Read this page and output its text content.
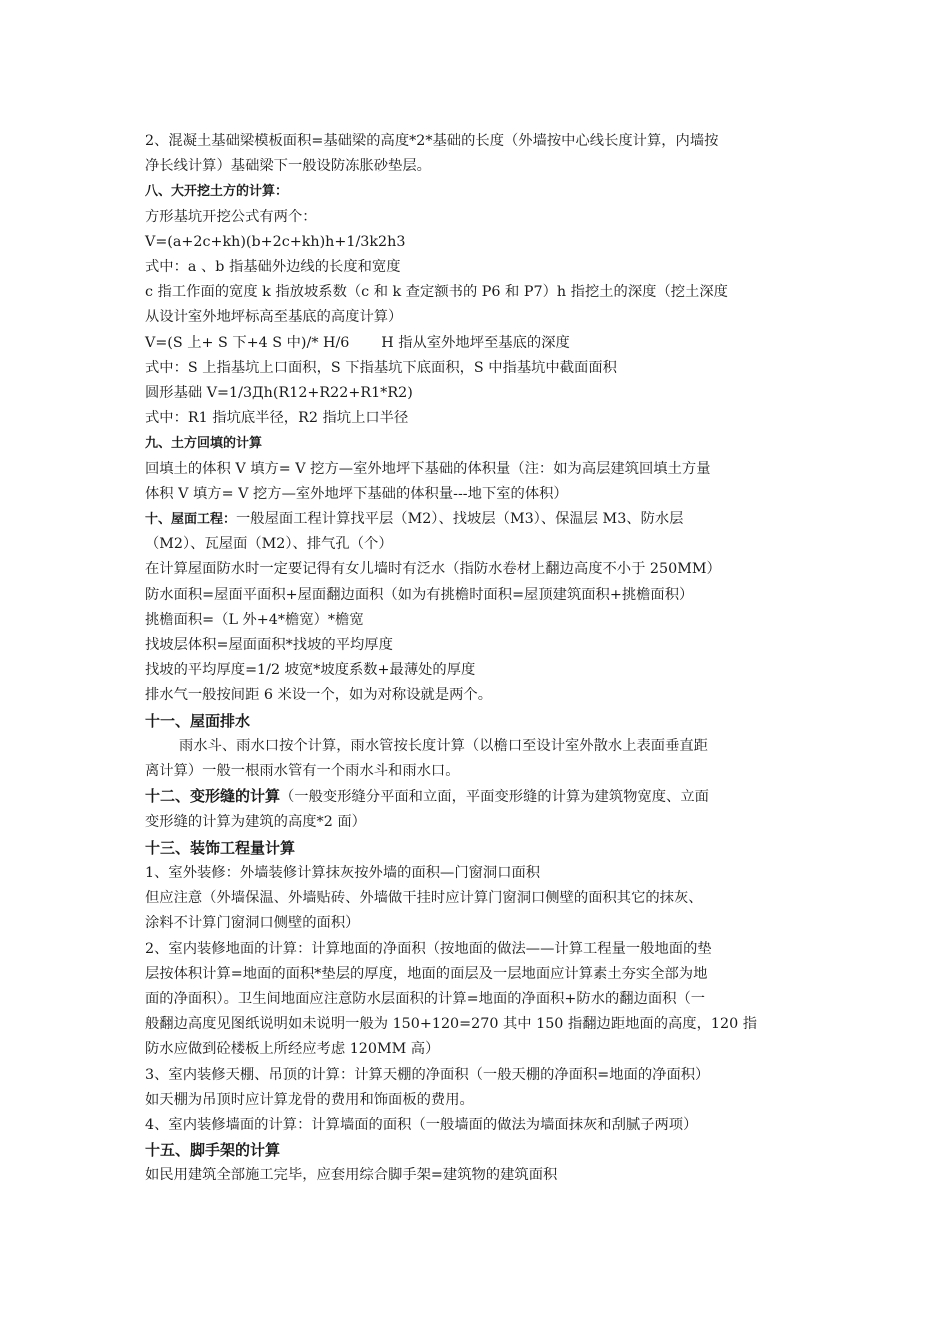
2、混凝土基础梁模板面积=基础梁的高度*2*基础的长度（外墙按中心线长度计算，内墙按

净长线计算）基础梁下一般设防冻胀砂垫层。

八、大开挖土方的计算：

方形基坑开挖公式有两个：

V=(a+2c+kh)(b+2c+kh)h+1/3k2h3

式中：a 、b 指基础外边线的长度和宽度

c 指工作面的宽度 k 指放坡系数（c 和 k 查定额书的 P6 和 P7）h 指挖土的深度（挖土深度

从设计室外地坪标高至基底的高度计算）

V=(S 上+ S 下+4 S 中)/* H/6       H 指从室外地坪至基底的深度

式中：S 上指基坑上口面积，S 下指基坑下底面积，S 中指基坑中截面面积

圆形基础 V=1/3Дh(R12+R22+R1*R2)

式中：R1 指坑底半径，R2 指坑上口半径

九、土方回填的计算

回填土的体积 V 填方= V 挖方—室外地坪下基础的体积量（注：如为高层建筑回填土方量

体积 V 填方= V 挖方—室外地坪下基础的体积量---地下室的体积）

十、屋面工程：一般屋面工程计算找平层（M2）、找坡层（M3）、保温层 M3、防水层

（M2）、瓦屋面（M2）、排气孔（个）

在计算屋面防水时一定要记得有女儿墙时有泛水（指防水卷材上翻边高度不小于 250MM）

防水面积=屋面平面积+屋面翻边面积（如为有挑檐时面积=屋顶建筑面积+挑檐面积）

挑檐面积=（L 外+4*檐宽）*檐宽

找坡层体积=屋面面积*找坡的平均厚度

找坡的平均厚度=1/2 坡宽*坡度系数+最薄处的厚度

排水气一般按间距 6 米设一个，如为对称设就是两个。

十一、屋面排水

雨水斗、雨水口按个计算，雨水管按长度计算（以檐口至设计室外散水上表面垂直距

离计算）一般一根雨水管有一个雨水斗和雨水口。

十二、变形缝的计算（一般变形缝分平面和立面，平面变形缝的计算为建筑物宽度、立面

变形缝的计算为建筑的高度*2 面）

十三、装饰工程量计算

1、室外装修：外墙装修计算抹灰按外墙的面积—门窗洞口面积

但应注意（外墙保温、外墙贴砖、外墙做干挂时应计算门窗洞口侧壁的面积其它的抹灰、

涂料不计算门窗洞口侧壁的面积）

2、室内装修地面的计算：计算地面的净面积（按地面的做法——计算工程量一般地面的垫

层按体积计算=地面的面积*垫层的厚度，地面的面层及一层地面应计算素土夯实全部为地

面的净面积）。卫生间地面应注意防水层面积的计算=地面的净面积+防水的翻边面积（一

般翻边高度见图纸说明如未说明一般为 150+120=270 其中 150 指翻边距地面的高度，120 指

防水应做到砼楼板上所经应考虑 120MM 高）

3、室内装修天棚、吊顶的计算：计算天棚的净面积（一般天棚的净面积=地面的净面积）

如天棚为吊顶时应计算龙骨的费用和饰面板的费用。

4、室内装修墙面的计算：计算墙面的面积（一般墙面的做法为墙面抹灰和刮腻子两项）

十五、脚手架的计算

如民用建筑全部施工完毕，应套用综合脚手架=建筑物的建筑面积
